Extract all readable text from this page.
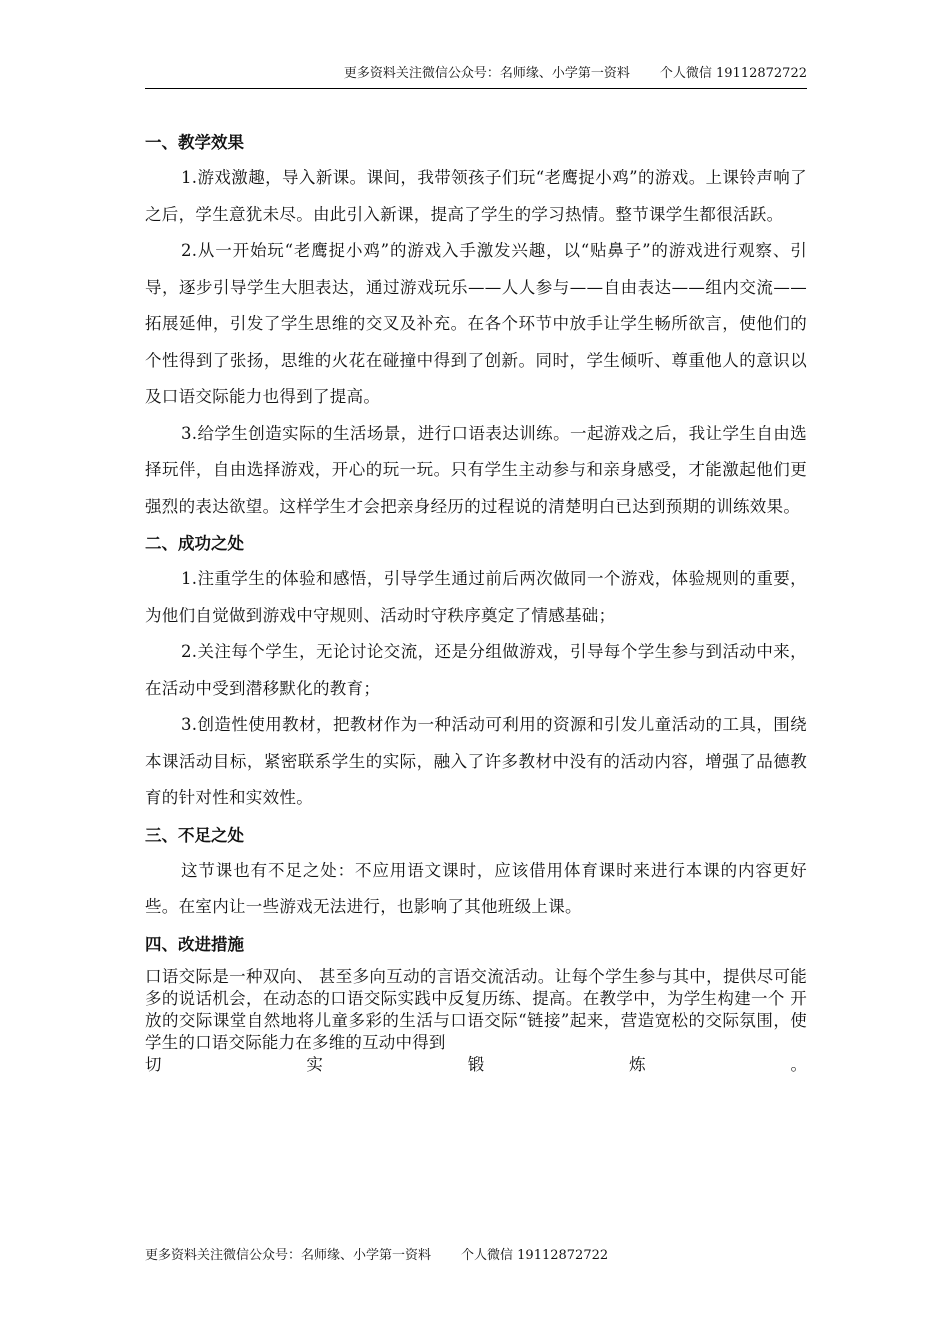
更多资料关注微信公众号：名师缘、小学第一资料 个人微信 19112872722
一、教学效果

1.游戏激趣，导入新课。课间，我带领孩子们玩“老鹰捉小鸡”的游戏。上课铃声响了之后，学生意犹未尽。由此引入新课，提高了学生的学习热情。整节课学生都很活跃。

2.从一开始玩“老鹰捉小鸡”的游戏入手激发兴趣，以“贴鼻子”的游戏进行观察、引导，逐步引导学生大胆表达，通过游戏玩乐——人人参与——自由表达——组内交流——拓展延伸，引发了学生思维的交叉及补充。在各个环节中放手让学生畅所欲言，使他们的个性得到了张扬，思维的火花在碰撞中得到了创新。同时，学生倾听、尊重他人的意识以及口语交际能力也得到了提高。

3.给学生创造实际的生活场景，进行口语表达训练。一起游戏之后，我让学生自由选择玩伴，自由选择游戏，开心的玩一玩。只有学生主动参与和亲身感受，才能激起他们更强烈的表达欲望。这样学生才会把亲身经历的过程说的清楚明白已达到预期的训练效果。

二、成功之处

1.注重学生的体验和感悟，引导学生通过前后两次做同一个游戏，体验规则的重要，为他们自觉做到游戏中守规则、活动时守秩序奠定了情感基础；

2.关注每个学生，无论讨论交流，还是分组做游戏，引导每个学生参与到活动中来，在活动中受到潜移默化的教育；

3.创造性使用教材，把教材作为一种活动可利用的资源和引发儿童活动的工具，围绕本课活动目标，紧密联系学生的实际，融入了许多教材中没有的活动内容，增强了品德教育的针对性和实效性。

三、不足之处

这节课也有不足之处：不应用语文课时，应该借用体育课时来进行本课的内容更好些。在室内让一些游戏无法进行，也影响了其他班级上课。

四、改进措施

口语交际是一种双向、 甚至多向互动的言语交流活动。让每个学生参与其中，提供尽可能多的说话机会，在动态的口语交际实践中反复历练、提高。在教学中，为学生构建一个 开放的交际课堂自然地将儿童多彩的生活与口语交际“链接”起来，营造宽松的交际氛围，使学生的口语交际能力在多维的互动中得到

切	实	锻	炼	。
更多资料关注微信公众号：名师缘、小学第一资料 个人微信 19112872722
